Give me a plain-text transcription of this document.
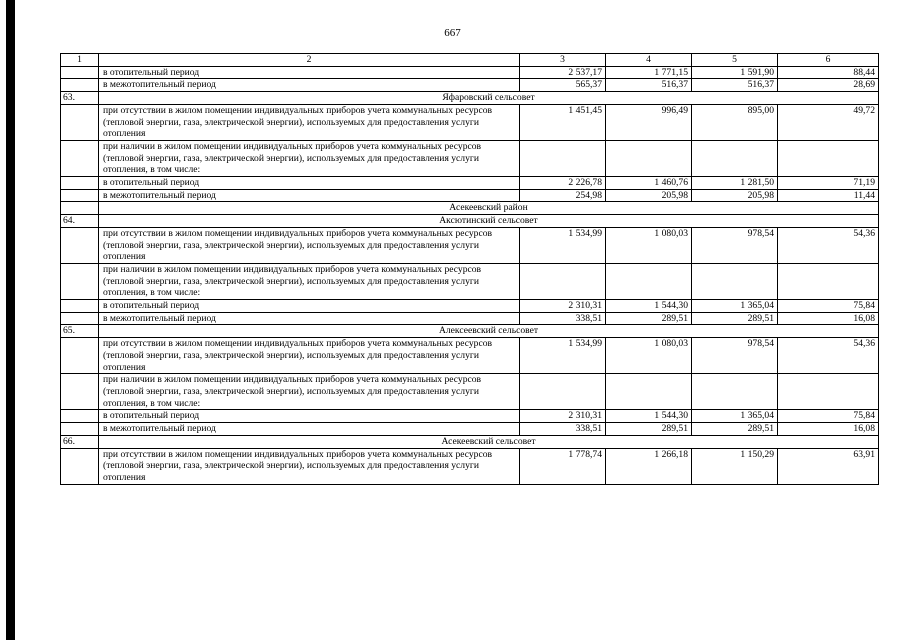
667
1	2	3	4	5	6
	в отопительный период	2 537,17	1 771,15	1 591,90	88,44
	в межотопительный период	565,37	516,37	516,37	28,69
63.	Яфаровский сельсовет				
	при отсутствии в жилом помещении индивидуальных приборов учета коммунальных ресурсов (тепловой энергии, газа, электрической энергии), используемых для предоставления услуги отопления	1 451,45	996,49	895,00	49,72
	при наличии в жилом помещении индивидуальных приборов учета коммунальных ресурсов (тепловой энергии, газа, электрической энергии), используемых для предоставления услуги отопления, в том числе:				
	в отопительный период	2 226,78	1 460,76	1 281,50	71,19
	в межотопительный период	254,98	205,98	205,98	11,44
	Асекеевский район				
64.	Аксютинский сельсовет				
	при отсутствии в жилом помещении индивидуальных приборов учета коммунальных ресурсов (тепловой энергии, газа, электрической энергии), используемых для предоставления услуги отопления	1 534,99	1 080,03	978,54	54,36
	при наличии в жилом помещении индивидуальных приборов учета коммунальных ресурсов (тепловой энергии, газа, электрической энергии), используемых для предоставления услуги отопления, в том числе:				
	в отопительный период	2 310,31	1 544,30	1 365,04	75,84
	в межотопительный период	338,51	289,51	289,51	16,08
65.	Алексеевский сельсовет				
	при отсутствии в жилом помещении индивидуальных приборов учета коммунальных ресурсов (тепловой энергии, газа, электрической энергии), используемых для предоставления услуги отопления	1 534,99	1 080,03	978,54	54,36
	при наличии в жилом помещении индивидуальных приборов учета коммунальных ресурсов (тепловой энергии, газа, электрической энергии), используемых для предоставления услуги отопления, в том числе:				
	в отопительный период	2 310,31	1 544,30	1 365,04	75,84
	в межотопительный период	338,51	289,51	289,51	16,08
66.	Асекеевский сельсовет				
	при отсутствии в жилом помещении индивидуальных приборов учета коммунальных ресурсов (тепловой энергии, газа, электрической энергии), используемых для предоставления услуги отопления	1 778,74	1 266,18	1 150,29	63,91
